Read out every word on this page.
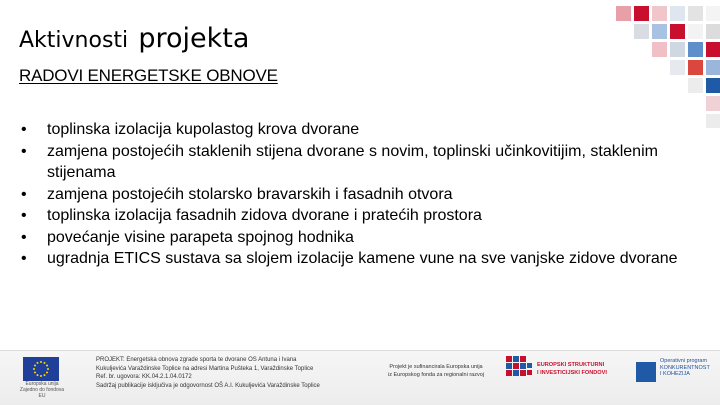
Aktivnosti projekta
RADOVI ENERGETSKE OBNOVE
• toplinska izolacija kupolastog krova dvorane
• zamjena postojećih staklenih stijena dvorane s novim, toplinski učinkovitijim, staklenim stijenama
• zamjena postojećih stolarsko bravarskih i fasadnih otvora
• toplinska izolacija fasadnih zidova dvorane i pratećih prostora
• povećanje visine parapeta spojnog hodnika
• ugradnja ETICS sustava sa slojem izolacije kamene vune na sve vanjske zidove dvorane
Europska unija Zajedno do fondova EU
PROJEKT: Energetska obnova zgrade sporta te dvorane OŠ Antuna i Ivana
Kukuljevića Varaždinske Toplice na adresi Martina Pušteka 1, Varaždinske Toplice
Ref. br. ugovora: KK.04.2.1.04.0172
Sadržaj publikacije isključiva je odgovornost OŠ A.I. Kukuljevića Varaždinske Toplice
Projekt je sufinancirala Europska unija iz Europskog fonda za regionalni razvoj
EUROPSKI STRUKTURNI
I INVESTICIJSKI FONDOVI
Operativni program
KONKURENTNOST
I KOHEZIJA
